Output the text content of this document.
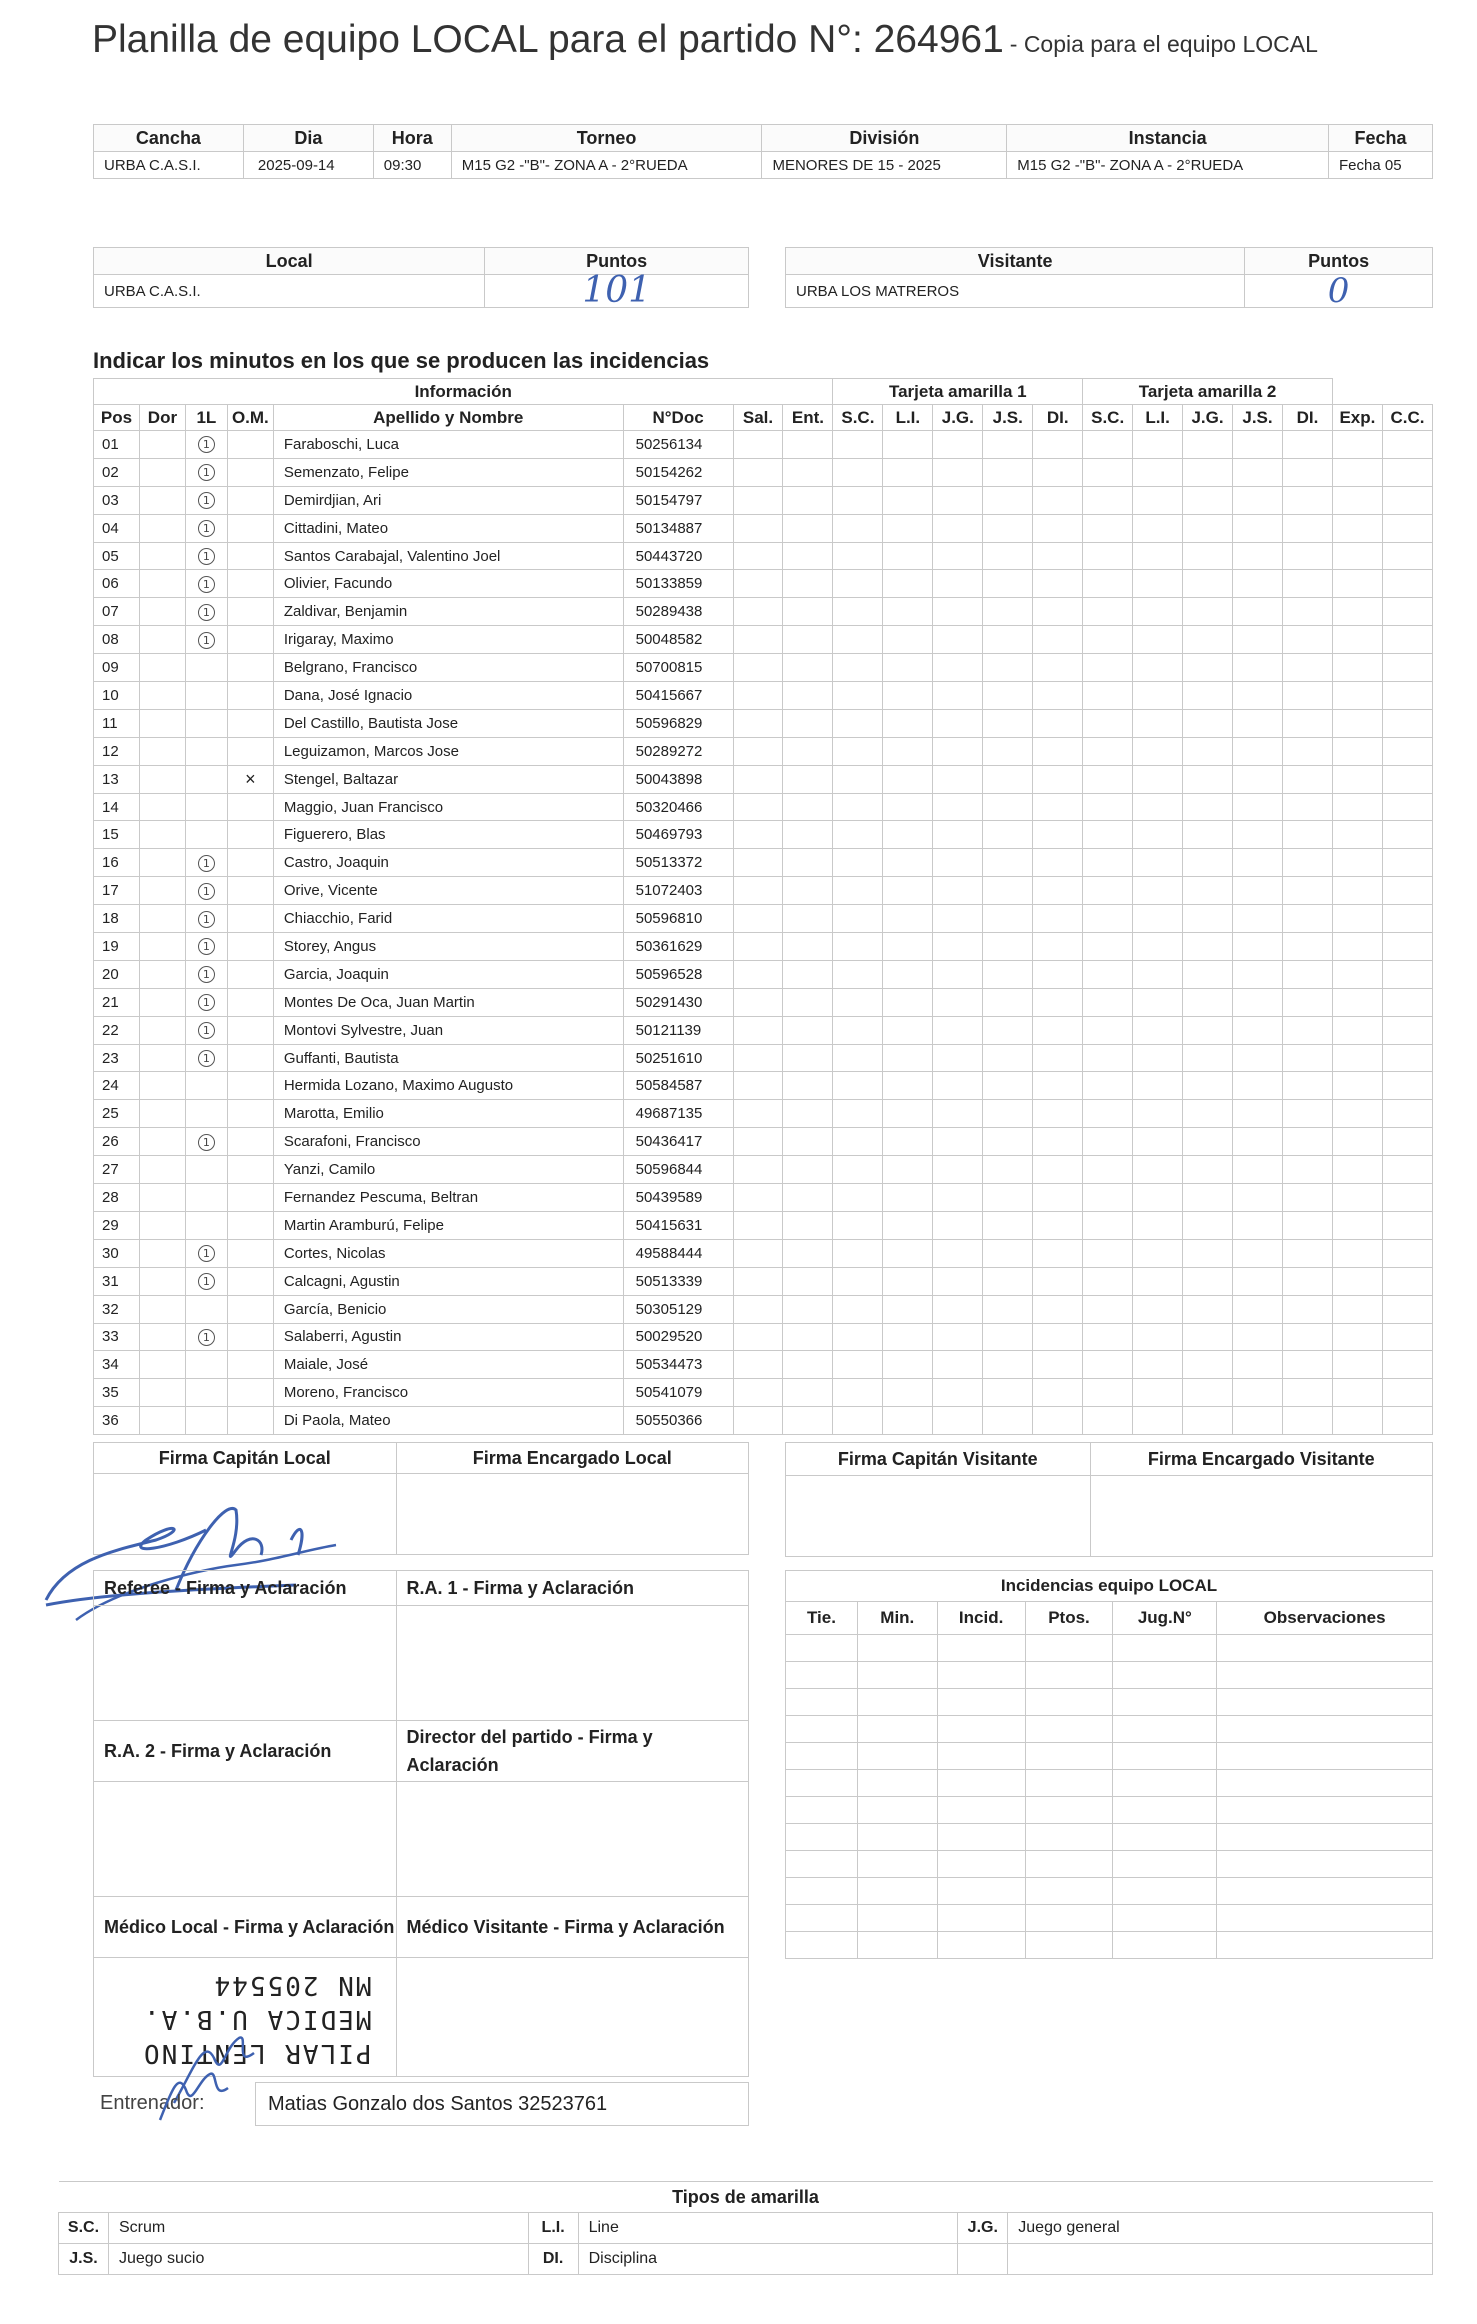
Planilla de equipo LOCAL para el partido N°: 264961 - Copia para el equipo LOCAL
Cancha	Dia	Hora	Torneo	División	Instancia	Fecha
URBA C.A.S.I.	2025-09-14	09:30	M15 G2 -"B"- ZONA A - 2°RUEDA	MENORES DE 15 - 2025	M15 G2 -"B"- ZONA A - 2°RUEDA	Fecha 05
Local	Puntos
URBA C.A.S.I.	101
Visitante	Puntos
URBA LOS MATREROS	0
Indicar los minutos en los que se producen las incidencias
Información								Tarjeta amarilla 1					Tarjeta amarilla 2						
Pos	Dor	1L	O.M.	Apellido y Nombre	N°Doc	Sal.	Ent.	S.C.	L.I.	J.G.	J.S.	DI.	S.C.	L.I.	J.G.	J.S.	DI.	Exp.	C.C.
01		1		Faraboschi, Luca	50256134														
02		1		Semenzato, Felipe	50154262														
03		1		Demirdjian, Ari	50154797														
04		1		Cittadini, Mateo	50134887														
05		1		Santos Carabajal, Valentino Joel	50443720														
06		1		Olivier, Facundo	50133859														
07		1		Zaldivar, Benjamin	50289438														
08		1		Irigaray, Maximo	50048582														
09				Belgrano, Francisco	50700815														
10				Dana, José Ignacio	50415667														
11				Del Castillo, Bautista Jose	50596829														
12				Leguizamon, Marcos Jose	50289272														
13			×	Stengel, Baltazar	50043898														
14				Maggio, Juan Francisco	50320466														
15				Figuerero, Blas	50469793														
16		1		Castro, Joaquin	50513372														
17		1		Orive, Vicente	51072403														
18		1		Chiacchio, Farid	50596810														
19		1		Storey, Angus	50361629														
20		1		Garcia, Joaquin	50596528														
21		1		Montes De Oca, Juan Martin	50291430														
22		1		Montovi Sylvestre, Juan	50121139														
23		1		Guffanti, Bautista	50251610														
24				Hermida Lozano, Maximo Augusto	50584587														
25				Marotta, Emilio	49687135														
26		1		Scarafoni, Francisco	50436417														
27				Yanzi, Camilo	50596844														
28				Fernandez Pescuma, Beltran	50439589														
29				Martin Aramburú, Felipe	50415631														
30		1		Cortes, Nicolas	49588444														
31		1		Calcagni, Agustin	50513339														
32				García, Benicio	50305129														
33		1		Salaberri, Agustin	50029520														
34				Maiale, José	50534473														
35				Moreno, Francisco	50541079														
36				Di Paola, Mateo	50550366														
Firma Capitán Local	Firma Encargado Local

		Firma Capitán Visitante	Firma Encargado Visitante

Referee - Firma y Aclaración	R.A. 1 - Firma y Aclaración

R.A. 2 - Firma y Aclaración	Director del partido - Firma y Aclaración

Médico Local - Firma y Aclaración	Médico Visitante - Firma y Aclaración

PILAR LENTINO
MEDICA U.B.A.
MN 205544	

Incidencias equipo LOCAL					
Tie.	Min.	Incid.	Ptos.	Jug.N°	Observaciones

Entrenador:	Matias Gonzalo dos Santos 32523761
Tipos de amarilla					
S.C.	Scrum	L.I.	Line	J.G.	Juego general
J.S.	Juego sucio	DI.	Disciplina		
